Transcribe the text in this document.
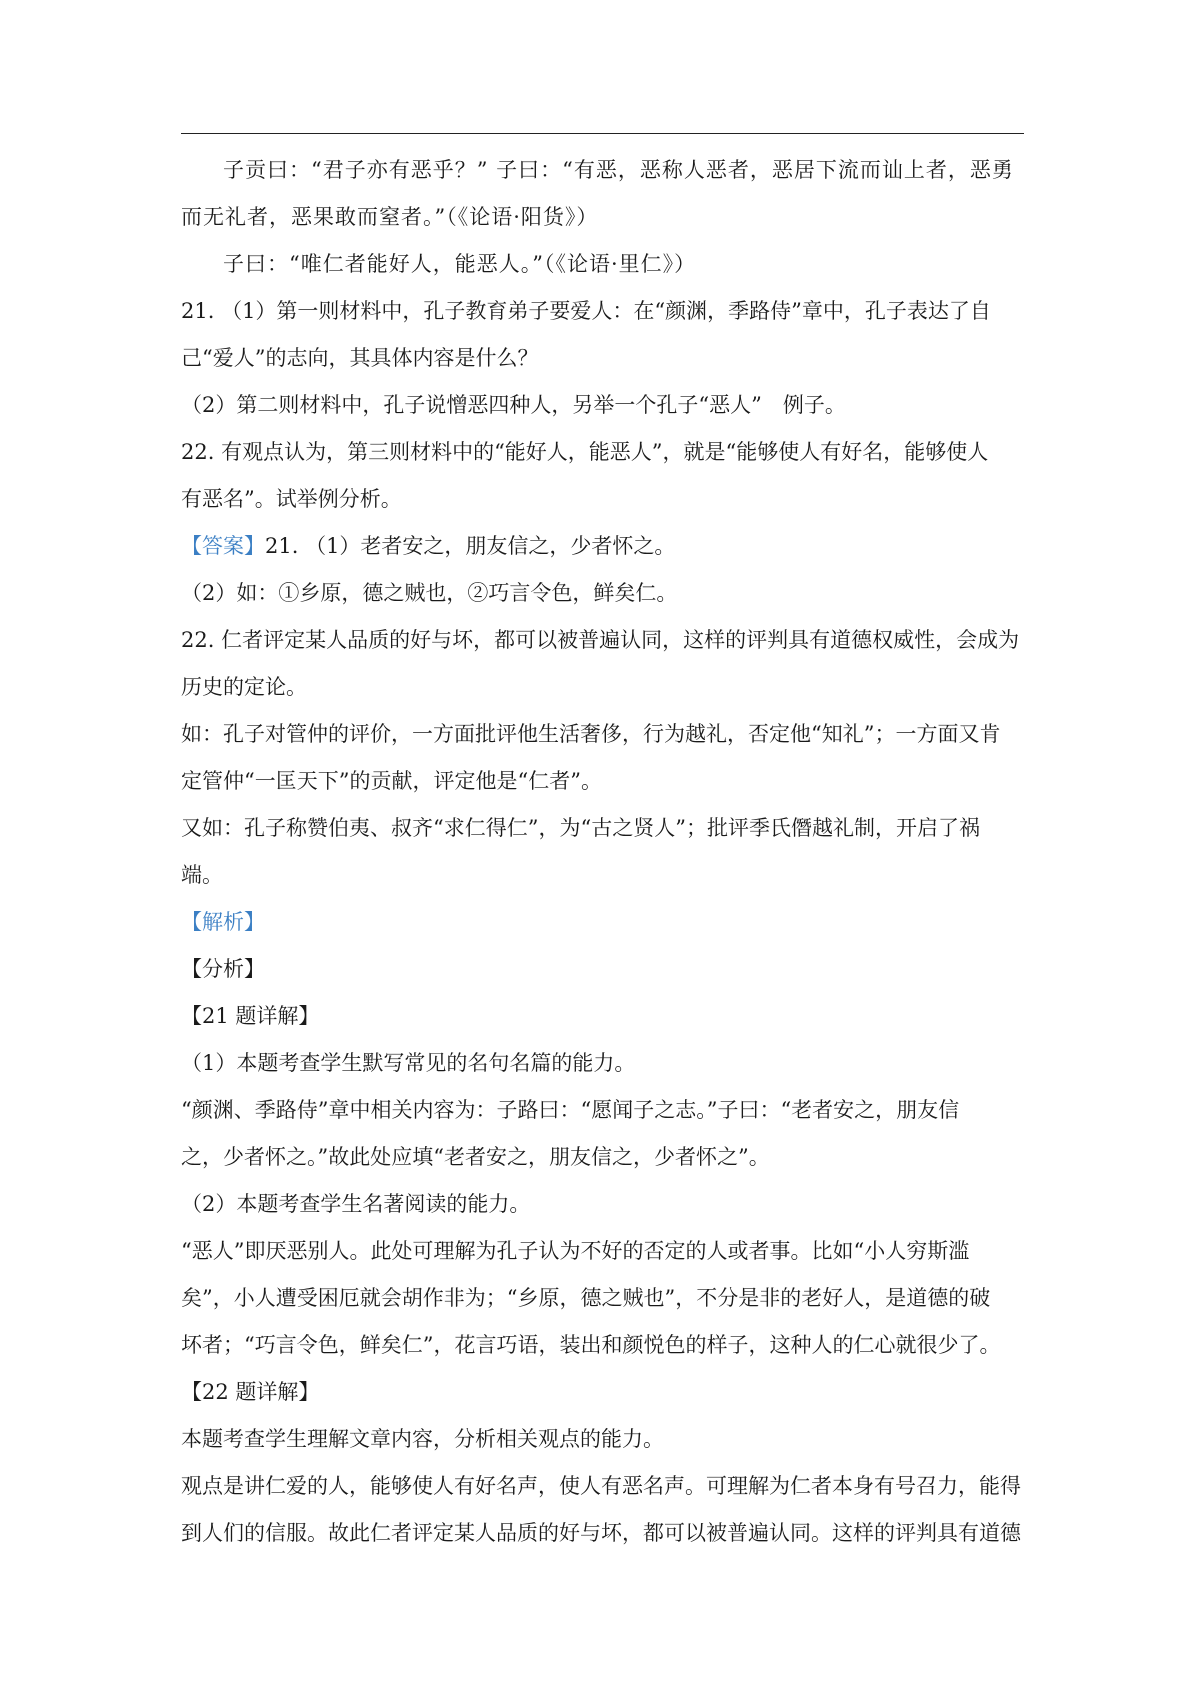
子贡曰：“君子亦有恶乎？” 子曰：“有恶，恶称人恶者，恶居下流而讪上者，恶勇
而无礼者，恶果敢而窒者。”（《论语·阳货》）
子曰：“唯仁者能好人，能恶人。”（《论语·里仁》）
21. （1）第一则材料中，孔子教育弟子要爱人：在“颜渊，季路侍”章中，孔子表达了自
己“爱人”的志向，其具体内容是什么？
（2）第二则材料中，孔子说憎恶四种人，另举一个孔子“恶人”　例子。
22. 有观点认为，第三则材料中的“能好人，能恶人”，就是“能够使人有好名，能够使人
有恶名”。试举例分析。
【答案】21. （1）老者安之，朋友信之，少者怀之。
（2）如：①乡原，德之贼也，②巧言令色，鲜矣仁。
22. 仁者评定某人品质的好与坏，都可以被普遍认同，这样的评判具有道德权威性，会成为
历史的定论。
如：孔子对管仲的评价，一方面批评他生活奢侈，行为越礼，否定他“知礼”；一方面又肯
定管仲“一匡天下”的贡献，评定他是“仁者”。
又如：孔子称赞伯夷、叔齐“求仁得仁”，为“古之贤人”；批评季氏僭越礼制，开启了祸
端。
【解析】
【分析】
【21 题详解】
（1）本题考查学生默写常见的名句名篇的能力。
“颜渊、季路侍”章中相关内容为：子路曰：“愿闻子之志。”子曰：“老者安之，朋友信
之，少者怀之。”故此处应填“老者安之，朋友信之，少者怀之”。
（2）本题考查学生名著阅读的能力。
“恶人”即厌恶别人。此处可理解为孔子认为不好的否定的人或者事。比如“小人穷斯滥
矣”，小人遭受困厄就会胡作非为；“乡原，德之贼也”，不分是非的老好人，是道德的破
坏者；“巧言令色，鲜矣仁”，花言巧语，装出和颜悦色的样子，这种人的仁心就很少了。
【22 题详解】
本题考查学生理解文章内容，分析相关观点的能力。
观点是讲仁爱的人，能够使人有好名声，使人有恶名声。可理解为仁者本身有号召力，能得
到人们的信服。故此仁者评定某人品质的好与坏，都可以被普遍认同。这样的评判具有道德
